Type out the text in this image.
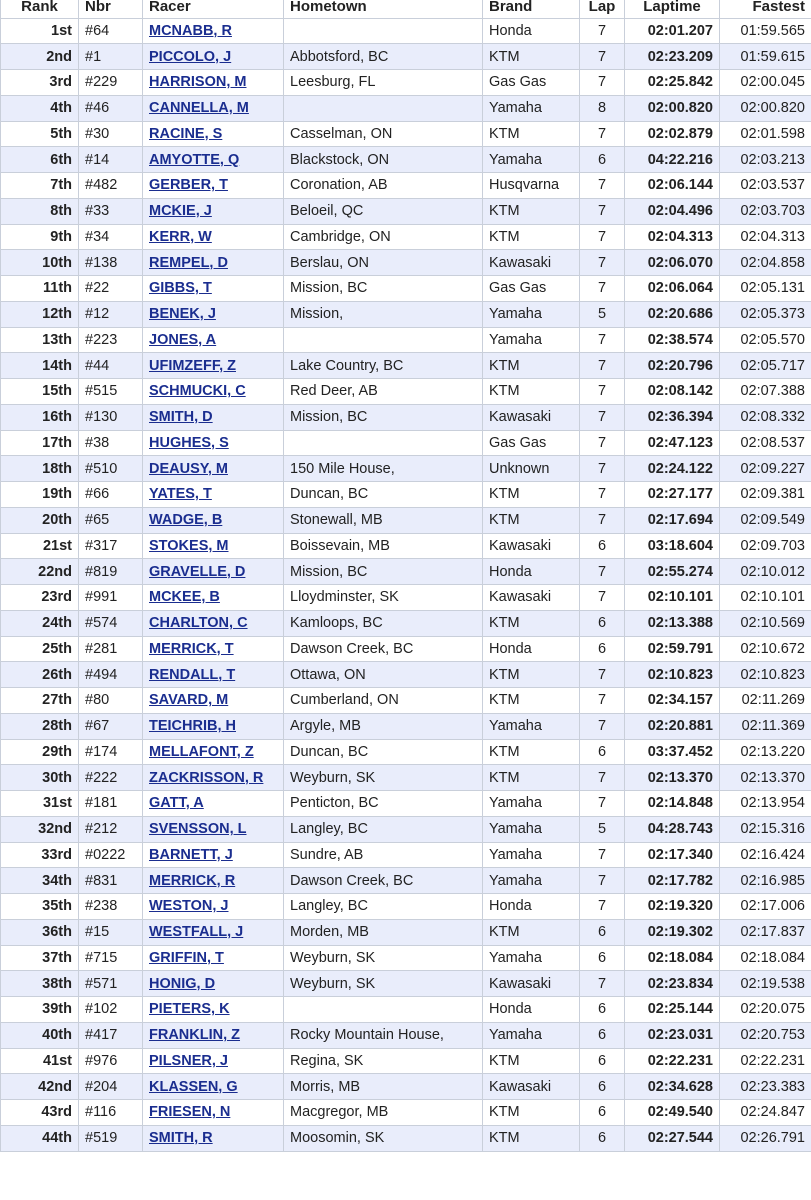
	Rank	Nbr	Racer	Hometown	Brand	Lap	Laptime	Fastest
	1st	#64	MCNABB, R		Honda	7	02:01.207	01:59.565
	2nd	#1	PICCOLO, J	Abbotsford, BC	KTM	7	02:23.209	01:59.615
	3rd	#229	HARRISON, M	Leesburg, FL	Gas Gas	7	02:25.842	02:00.045
	4th	#46	CANNELLA, M		Yamaha	8	02:00.820	02:00.820
	5th	#30	RACINE, S	Casselman, ON	KTM	7	02:02.879	02:01.598
	6th	#14	AMYOTTE, Q	Blackstock, ON	Yamaha	6	04:22.216	02:03.213
	7th	#482	GERBER, T	Coronation, AB	Husqvarna	7	02:06.144	02:03.537
	8th	#33	MCKIE, J	Beloeil, QC	KTM	7	02:04.496	02:03.703
	9th	#34	KERR, W	Cambridge, ON	KTM	7	02:04.313	02:04.313
	10th	#138	REMPEL, D	Berslau, ON	Kawasaki	7	02:06.070	02:04.858
	11th	#22	GIBBS, T	Mission, BC	Gas Gas	7	02:06.064	02:05.131
	12th	#12	BENEK, J	Mission,	Yamaha	5	02:20.686	02:05.373
	13th	#223	JONES, A		Yamaha	7	02:38.574	02:05.570
	14th	#44	UFIMZEFF, Z	Lake Country, BC	KTM	7	02:20.796	02:05.717
	15th	#515	SCHMUCKI, C	Red Deer, AB	KTM	7	02:08.142	02:07.388
	16th	#130	SMITH, D	Mission, BC	Kawasaki	7	02:36.394	02:08.332
	17th	#38	HUGHES, S		Gas Gas	7	02:47.123	02:08.537
	18th	#510	DEAUSY, M	150 Mile House,	Unknown	7	02:24.122	02:09.227
	19th	#66	YATES, T	Duncan, BC	KTM	7	02:27.177	02:09.381
	20th	#65	WADGE, B	Stonewall, MB	KTM	7	02:17.694	02:09.549
	21st	#317	STOKES, M	Boissevain, MB	Kawasaki	6	03:18.604	02:09.703
	22nd	#819	GRAVELLE, D	Mission, BC	Honda	7	02:55.274	02:10.012
	23rd	#991	MCKEE, B	Lloydminster, SK	Kawasaki	7	02:10.101	02:10.101
	24th	#574	CHARLTON, C	Kamloops, BC	KTM	6	02:13.388	02:10.569
	25th	#281	MERRICK, T	Dawson Creek, BC	Honda	6	02:59.791	02:10.672
	26th	#494	RENDALL, T	Ottawa, ON	KTM	7	02:10.823	02:10.823
	27th	#80	SAVARD, M	Cumberland, ON	KTM	7	02:34.157	02:11.269
	28th	#67	TEICHRIB, H	Argyle, MB	Yamaha	7	02:20.881	02:11.369
	29th	#174	MELLAFONT, Z	Duncan, BC	KTM	6	03:37.452	02:13.220
	30th	#222	ZACKRISSON, R	Weyburn, SK	KTM	7	02:13.370	02:13.370
	31st	#181	GATT, A	Penticton, BC	Yamaha	7	02:14.848	02:13.954
	32nd	#212	SVENSSON, L	Langley, BC	Yamaha	5	04:28.743	02:15.316
	33rd	#0222	BARNETT, J	Sundre, AB	Yamaha	7	02:17.340	02:16.424
	34th	#831	MERRICK, R	Dawson Creek, BC	Yamaha	7	02:17.782	02:16.985
	35th	#238	WESTON, J	Langley, BC	Honda	7	02:19.320	02:17.006
	36th	#15	WESTFALL, J	Morden, MB	KTM	6	02:19.302	02:17.837
	37th	#715	GRIFFIN, T	Weyburn, SK	Yamaha	6	02:18.084	02:18.084
	38th	#571	HONIG, D	Weyburn, SK	Kawasaki	7	02:23.834	02:19.538
	39th	#102	PIETERS, K		Honda	6	02:25.144	02:20.075
	40th	#417	FRANKLIN, Z	Rocky Mountain House,	Yamaha	6	02:23.031	02:20.753
	41st	#976	PILSNER, J	Regina, SK	KTM	6	02:22.231	02:22.231
	42nd	#204	KLASSEN, G	Morris, MB	Kawasaki	6	02:34.628	02:23.383
	43rd	#116	FRIESEN, N	Macgregor, MB	KTM	6	02:49.540	02:24.847
	44th	#519	SMITH, R	Moosomin, SK	KTM	6	02:27.544	02:26.791
